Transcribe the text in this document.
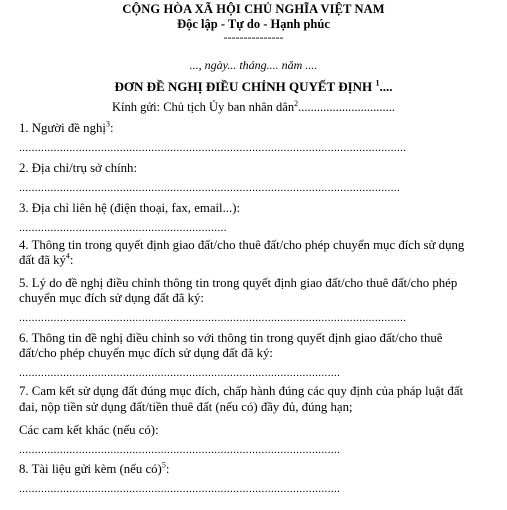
CỘNG HÒA XÃ HỘI CHỦ NGHĨA VIỆT NAM
Độc lập - Tự do - Hạnh phúc
---------------
..., ngày... tháng.... năm ....
ĐƠN ĐỀ NGHỊ ĐIỀU CHỈNH QUYẾT ĐỊNH $^1$....
Kính gửi: Chủ tịch Ủy ban nhân dân$^2$...............................
1. Người đề nghị$^3$:
...........................................................................................................................
2. Địa chỉ/trụ sở chính:
.........................................................................................................................
3. Địa chỉ liên hệ (điện thoại, fax, email...):
..................................................................
4. Thông tin trong quyết định giao đất/cho thuê đất/cho phép chuyển mục đích sử dụng
đất đã $ký^4$:
5. Lý do đề nghị điều chỉnh thông tin trong quyết định giao đất/cho thuê đất/cho phép
chuyển mục đích sử dụng đất đã ký:
...........................................................................................................................
6. Thông tin đề nghị điều chỉnh so với thông tin trong quyết định giao đất/cho thuê
đất/cho phép chuyển mục đích sử dụng đất đã ký:
......................................................................................................
7. Cam kết sử dụng đất đúng mục đích, chấp hành đúng các quy định của pháp luật đất
đai, nộp tiền sử dụng đất/tiền thuê đất (nếu có) đầy đủ, đúng hạn;
Các cam kết khác (nếu có):
......................................................................................................
8. Tài liệu gửi kèm (nếu có)$^5$:
......................................................................................................
